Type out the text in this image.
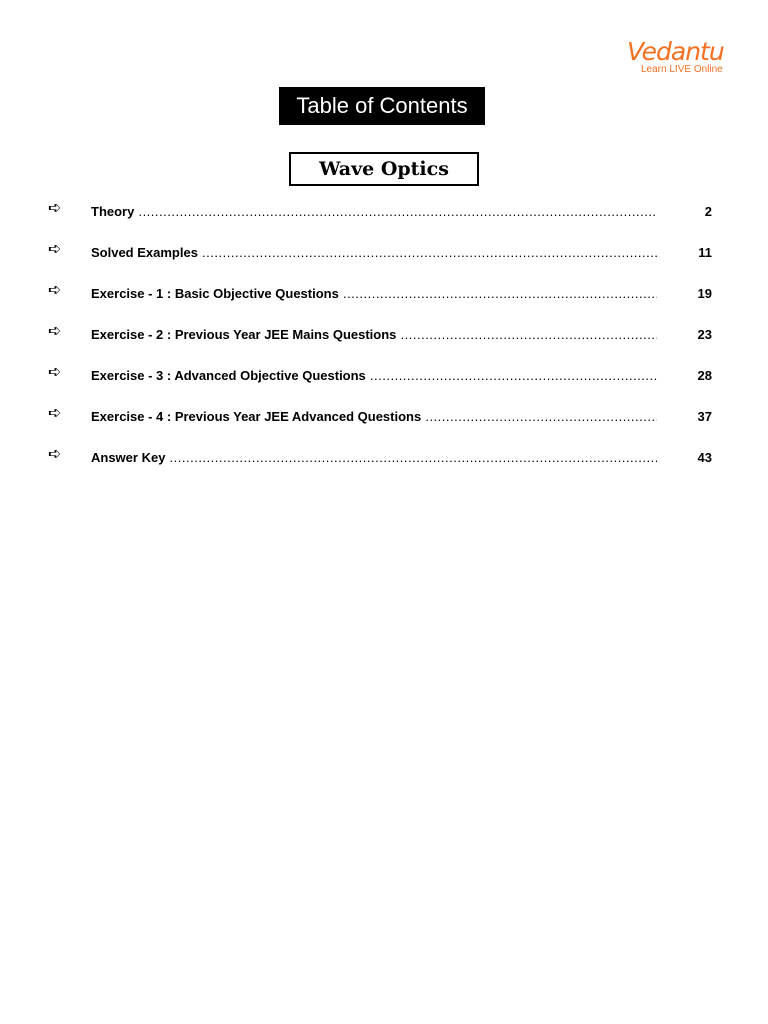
Vedantu
Learn LIVE Online
Table of Contents
Wave Optics
➪ Theory .....	2
➪ Solved Examples .....	11
➪ Exercise - 1 : Basic Objective Questions .....	19
➪ Exercise - 2 : Previous Year JEE Mains Questions .....	23
➪ Exercise - 3 : Advanced Objective Questions .....	28
➪ Exercise - 4 : Previous Year JEE Advanced Questions .....	37
➪ Answer Key .....	43
